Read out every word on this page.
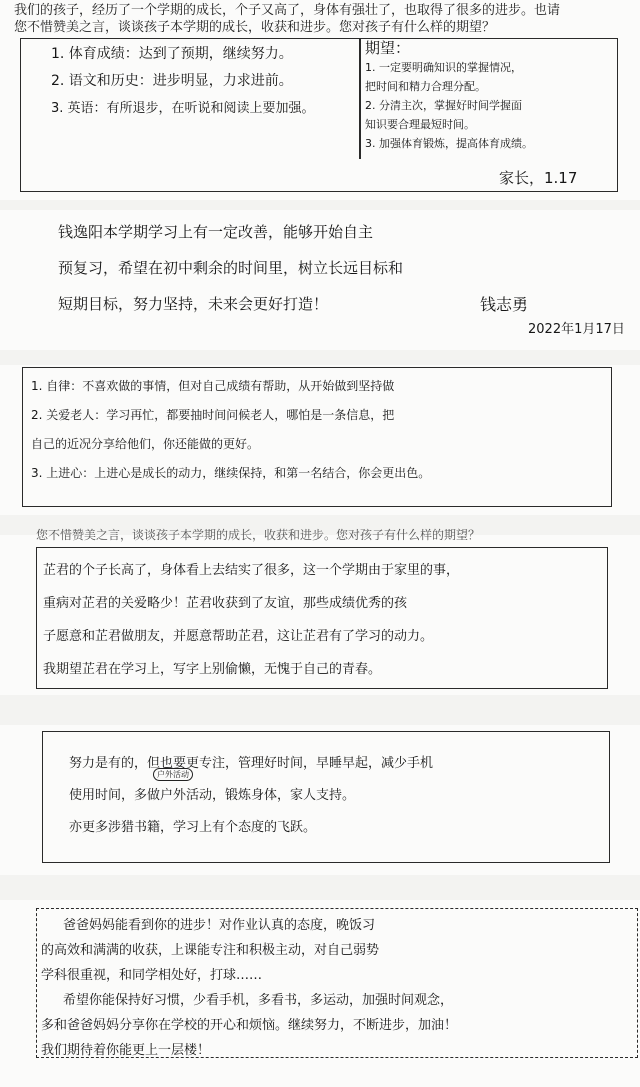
我们的孩子，经历了一个学期的成长，个子又高了，身体有强壮了，也取得了很多的进步。也请
您不惜赞美之言，谈谈孩子本学期的成长，收获和进步。您对孩子有什么样的期望？
1. 体育成绩：达到了预期，继续努力。
2. 语文和历史：进步明显，力求进前。
3. 英语：有所退步，在听说和阅读上要加强。
期望：
1. 一定要明确知识的掌握情况，
把时间和精力合理分配。
2. 分清主次，掌握好时间学握面
知识要合理最短时间。
3. 加强体育锻炼，提高体育成绩。
家长，1.17
钱逸阳本学期学习上有一定改善，能够开始自主
预复习，希望在初中剩余的时间里，树立长远目标和
短期目标，努力坚持，未来会更好打造！	钱志勇
2022年1月17日
1. 自律：不喜欢做的事情，但对自己成绩有帮助，从开始做到坚持做
2. 关爱老人：学习再忙，都要抽时间问候老人，哪怕是一条信息，把
自己的近况分享给他们，你还能做的更好。
3. 上进心：上进心是成长的动力，继续保持，和第一名结合，你会更出色。
您不惜赞美之言，谈谈孩子本学期的成长，收获和进步。您对孩子有什么样的期望？
芷君的个子长高了，身体看上去结实了很多，这一个学期由于家里的事，
重病对芷君的关爱略少！芷君收获到了友谊，那些成绩优秀的孩
子愿意和芷君做朋友，并愿意帮助芷君，这让芷君有了学习的动力。
我期望芷君在学习上，写字上别偷懒，无愧于自己的青春。
努力是有的，但也要更专注，管理好时间，早睡早起，减少手机
使用时间，多做户外活动，锻炼身体，家人支持。
亦更多涉猎书籍，学习上有个态度的飞跃。
户外活动
爸爸妈妈能看到你的进步！对作业认真的态度，晚饭习
的高效和满满的收获，上课能专注和积极主动，对自己弱势
学科很重视，和同学相处好，打球……
希望你能保持好习惯，少看手机，多看书，多运动，加强时间观念，
多和爸爸妈妈分享你在学校的开心和烦恼。继续努力，不断进步，加油！
我们期待着你能更上一层楼！
